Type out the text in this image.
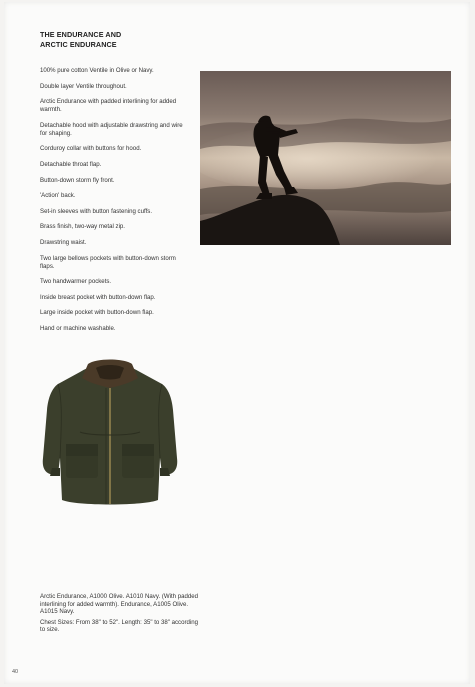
THE ENDURANCE AND
ARCTIC ENDURANCE
100% pure cotton Ventile in Olive or Navy.
Double layer Ventile throughout.
Arctic Endurance with padded interlining for added warmth.
Detachable hood with adjustable drawstring and wire for shaping.
Corduroy collar with buttons for hood.
Detachable throat flap.
Button-down storm fly front.
'Action' back.
Set-in sleeves with button fastening cuffs.
Brass finish, two-way metal zip.
Drawstring waist.
Two large bellows pockets with button-down storm flaps.
Two handwarmer pockets.
Inside breast pocket with button-down flap.
Large inside pocket with button-down flap.
Hand or machine washable.

Arctic Endurance, A1000 Olive. A1010 Navy. (With padded interlining for added warmth). Endurance, A1005 Olive. A1015 Navy.

Chest Sizes: From 38" to 52". Length: 35" to 38" according to size.

40
